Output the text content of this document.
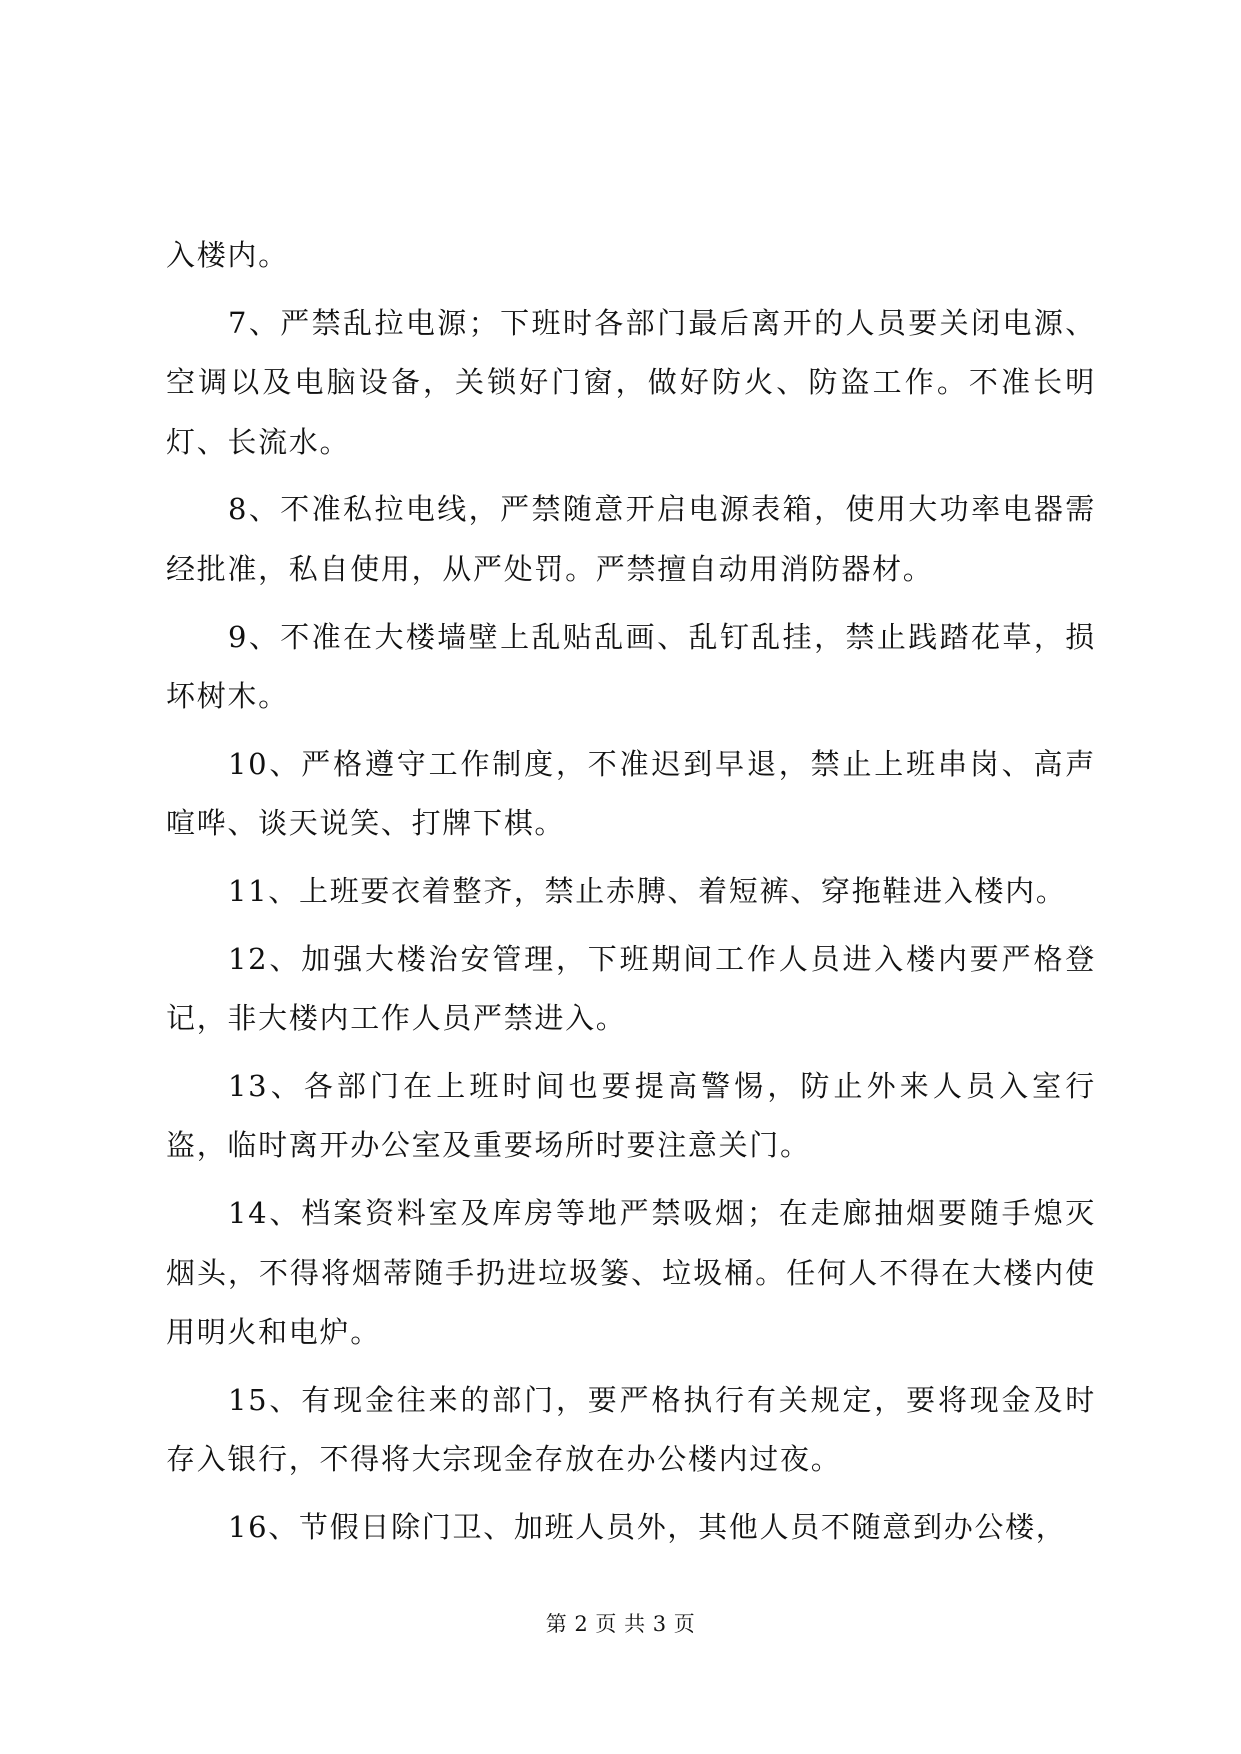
入楼内。

7、严禁乱拉电源；下班时各部门最后离开的人员要关闭电源、空调以及电脑设备，关锁好门窗，做好防火、防盗工作。不准长明灯、长流水。

8、不准私拉电线，严禁随意开启电源表箱，使用大功率电器需经批准，私自使用，从严处罚。严禁擅自动用消防器材。

9、不准在大楼墙壁上乱贴乱画、乱钉乱挂，禁止践踏花草，损坏树木。

10、严格遵守工作制度，不准迟到早退，禁止上班串岗、高声喧哗、谈天说笑、打牌下棋。

11、上班要衣着整齐，禁止赤膊、着短裤、穿拖鞋进入楼内。

12、加强大楼治安管理，下班期间工作人员进入楼内要严格登记，非大楼内工作人员严禁进入。

13、各部门在上班时间也要提高警惕，防止外来人员入室行盗，临时离开办公室及重要场所时要注意关门。

14、档案资料室及库房等地严禁吸烟；在走廊抽烟要随手熄灭烟头，不得将烟蒂随手扔进垃圾篓、垃圾桶。任何人不得在大楼内使用明火和电炉。

15、有现金往来的部门，要严格执行有关规定，要将现金及时存入银行，不得将大宗现金存放在办公楼内过夜。

16、节假日除门卫、加班人员外，其他人员不随意到办公楼，

第 2 页 共 3 页
